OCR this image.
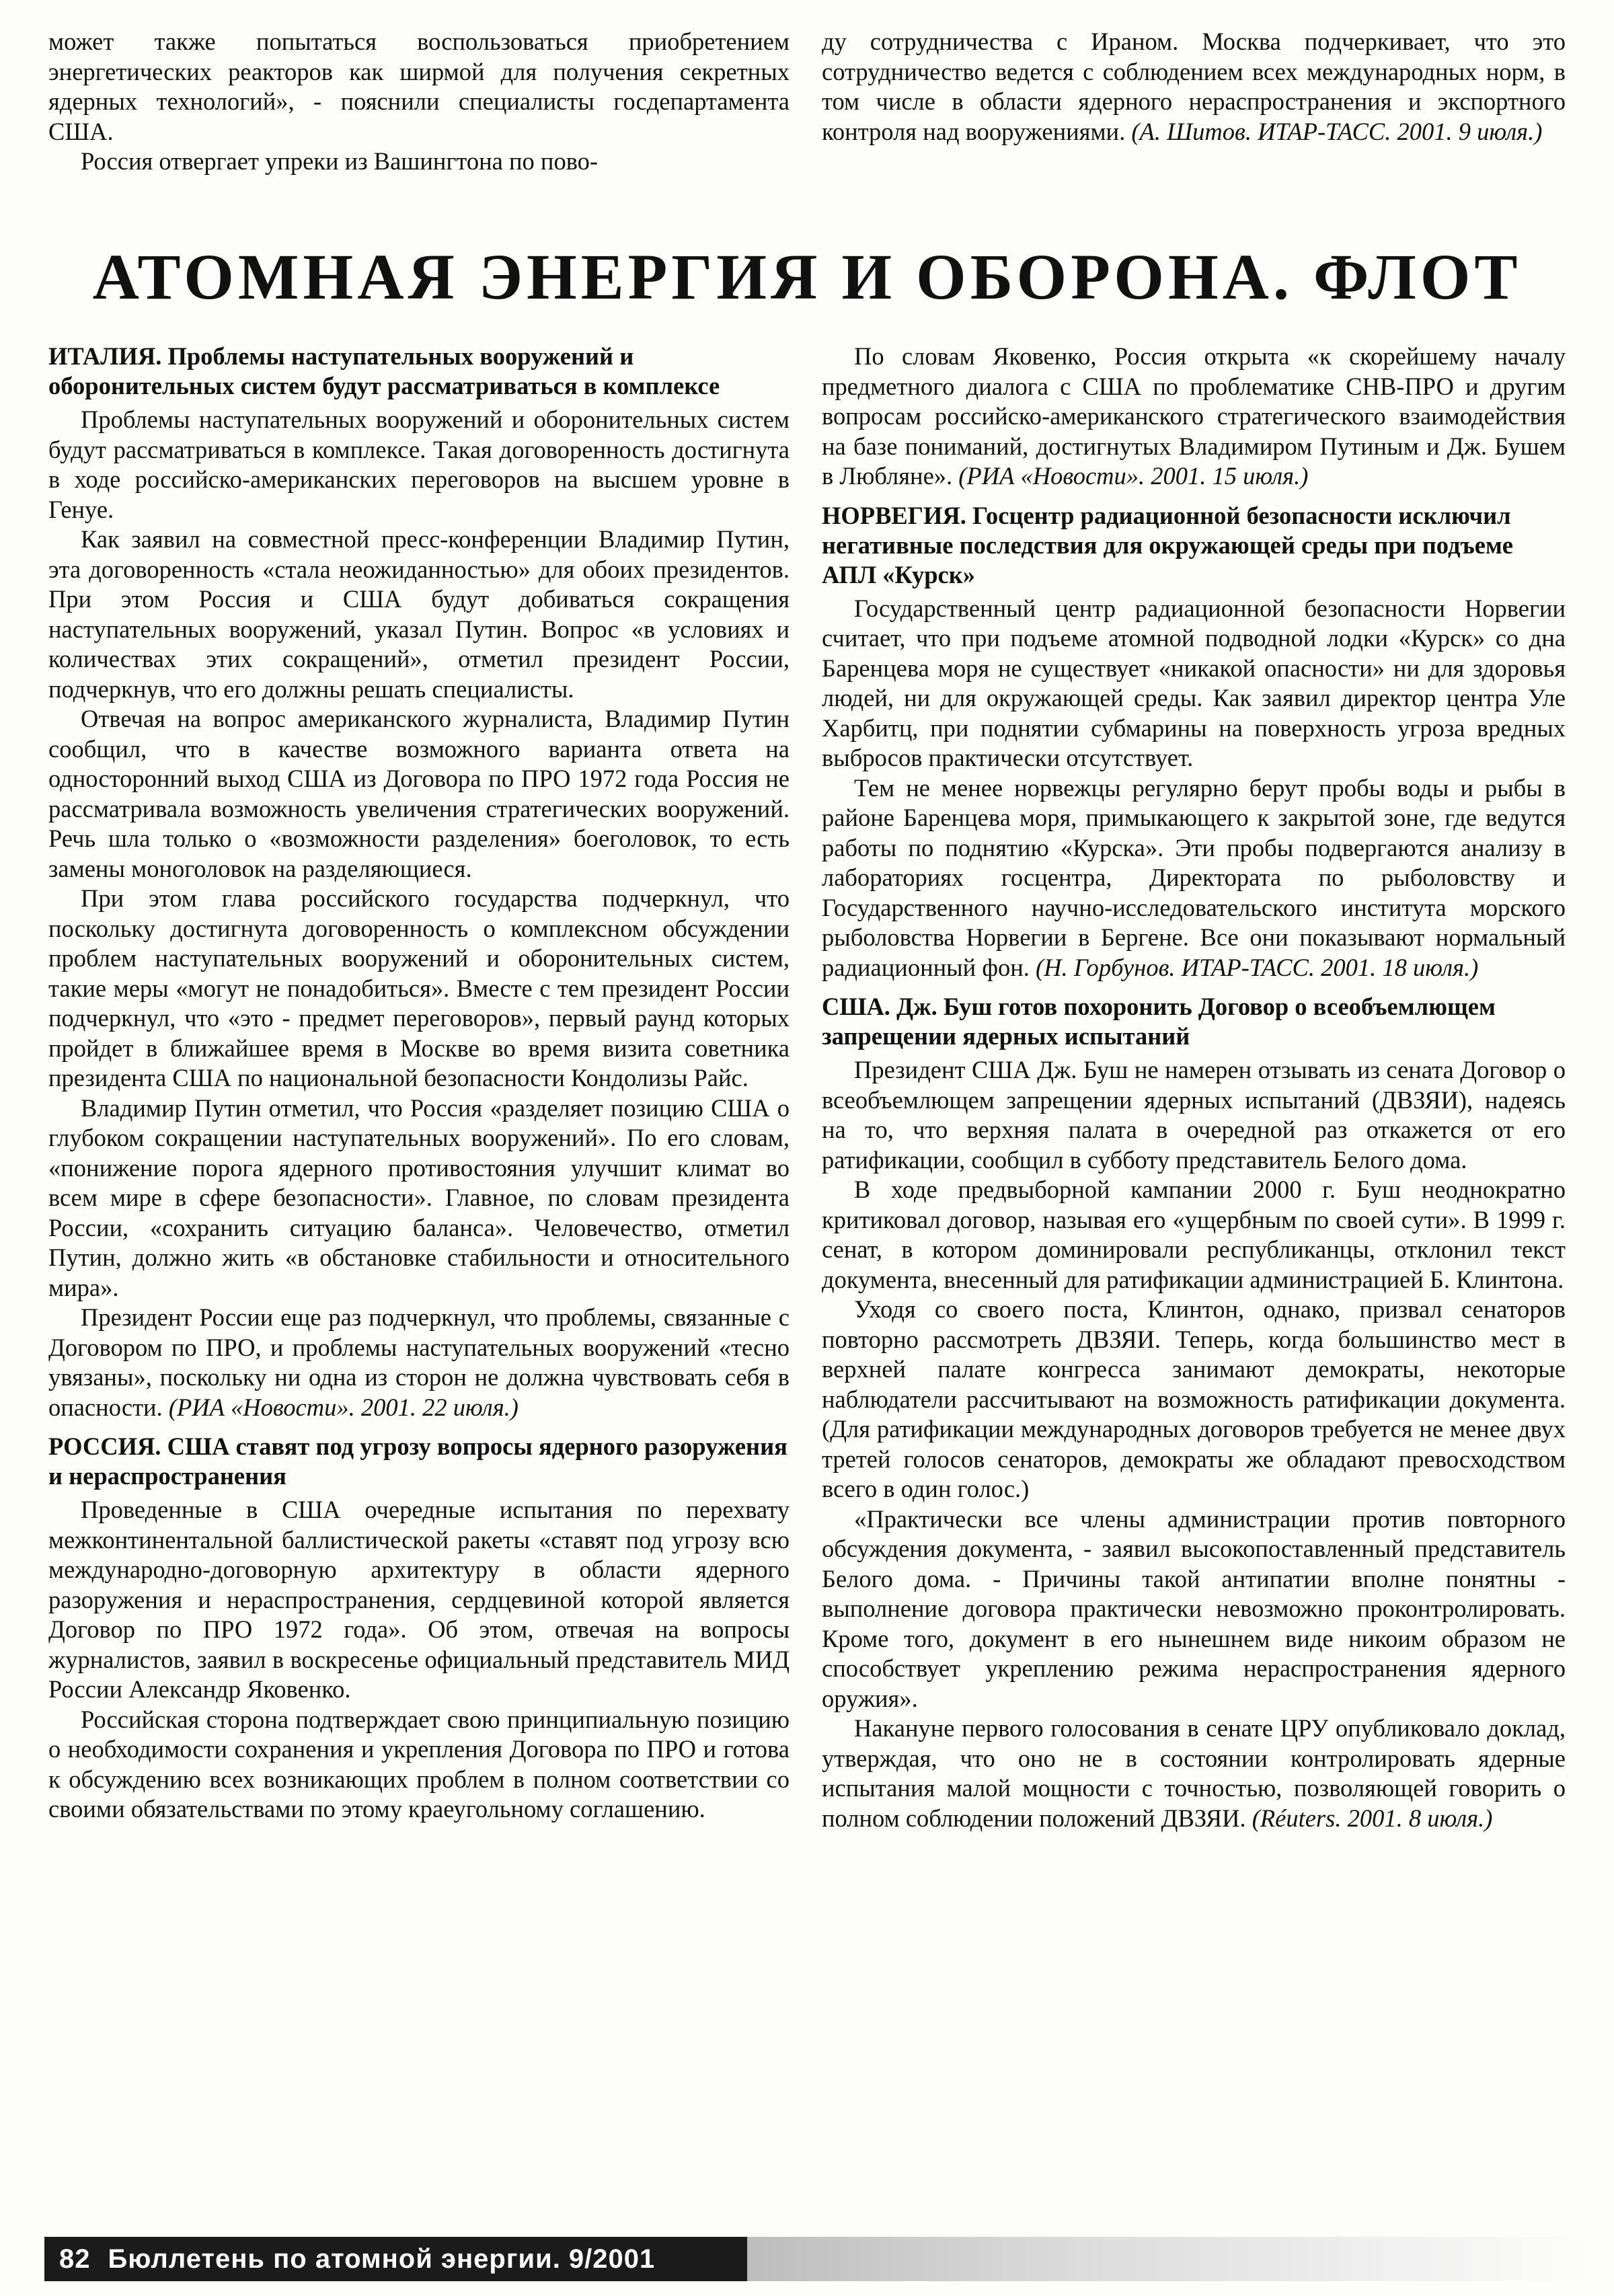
может также попытаться воспользоваться приобретением энергетических реакторов как ширмой для получения секретных ядерных технологий», - пояснили специалисты госдепартамента США.

Россия отвергает упреки из Вашингтона по пово-

ду сотрудничества с Ираном. Москва подчеркивает, что это сотрудничество ведется с соблюдением всех международных норм, в том числе в области ядерного нераспространения и экспортного контроля над вооружениями. (А. Шитов. ИТАР-ТАСС. 2001. 9 июля.)

АТОМНАЯ ЭНЕРГИЯ И ОБОРОНА. ФЛОТ
ИТАЛИЯ. Проблемы наступательных вооружений и оборонительных систем будут рассматриваться в комплексе

Проблемы наступательных вооружений и оборонительных систем будут рассматриваться в комплексе. Такая договоренность достигнута в ходе российско-американских переговоров на высшем уровне в Генуе.

Как заявил на совместной пресс-конференции Владимир Путин, эта договоренность «стала неожиданностью» для обоих президентов. При этом Россия и США будут добиваться сокращения наступательных вооружений, указал Путин. Вопрос «в условиях и количествах этих сокращений», отметил президент России, подчеркнув, что его должны решать специалисты.

Отвечая на вопрос американского журналиста, Владимир Путин сообщил, что в качестве возможного варианта ответа на односторонний выход США из Договора по ПРО 1972 года Россия не рассматривала возможность увеличения стратегических вооружений. Речь шла только о «возможности разделения» боеголовок, то есть замены моноголовок на разделяющиеся.

При этом глава российского государства подчеркнул, что поскольку достигнута договоренность о комплексном обсуждении проблем наступательных вооружений и оборонительных систем, такие меры «могут не понадобиться». Вместе с тем президент России подчеркнул, что «это - предмет переговоров», первый раунд которых пройдет в ближайшее время в Москве во время визита советника президента США по национальной безопасности Кондолизы Райс.

Владимир Путин отметил, что Россия «разделяет позицию США о глубоком сокращении наступательных вооружений». По его словам, «понижение порога ядерного противостояния улучшит климат во всем мире в сфере безопасности». Главное, по словам президента России, «сохранить ситуацию баланса». Человечество, отметил Путин, должно жить «в обстановке стабильности и относительного мира».

Президент России еще раз подчеркнул, что проблемы, связанные с Договором по ПРО, и проблемы наступательных вооружений «тесно увязаны», поскольку ни одна из сторон не должна чувствовать себя в опасности. (РИА «Новости». 2001. 22 июля.)

РОССИЯ. США ставят под угрозу вопросы ядерного разоружения и нераспространения

Проведенные в США очередные испытания по перехвату межконтинентальной баллистической ракеты «ставят под угрозу всю международно-договорную архитектуру в области ядерного разоружения и нераспространения, сердцевиной которой является Договор по ПРО 1972 года». Об этом, отвечая на вопросы журналистов, заявил в воскресенье официальный представитель МИД России Александр Яковенко.

Российская сторона подтверждает свою принципиальную позицию о необходимости сохранения и укрепления Договора по ПРО и готова к обсуждению всех возникающих проблем в полном соответствии со своими обязательствами по этому краеугольному соглашению.

По словам Яковенко, Россия открыта «к скорейшему началу предметного диалога с США по проблематике СНВ-ПРО и другим вопросам российско-американского стратегического взаимодействия на базе пониманий, достигнутых Владимиром Путиным и Дж. Бушем в Любляне». (РИА «Новости». 2001. 15 июля.)

НОРВЕГИЯ. Госцентр радиационной безопасности исключил негативные последствия для окружающей среды при подъеме АПЛ «Курск»

Государственный центр радиационной безопасности Норвегии считает, что при подъеме атомной подводной лодки «Курск» со дна Баренцева моря не существует «никакой опасности» ни для здоровья людей, ни для окружающей среды. Как заявил директор центра Уле Харбитц, при поднятии субмарины на поверхность угроза вредных выбросов практически отсутствует.

Тем не менее норвежцы регулярно берут пробы воды и рыбы в районе Баренцева моря, примыкающего к закрытой зоне, где ведутся работы по поднятию «Курска». Эти пробы подвергаются анализу в лабораториях госцентра, Директората по рыболовству и Государственного научно-исследовательского института морского рыболовства Норвегии в Бергене. Все они показывают нормальный радиационный фон. (Н. Горбунов. ИТАР-ТАСС. 2001. 18 июля.)

США. Дж. Буш готов похоронить Договор о всеобъемлющем запрещении ядерных испытаний

Президент США Дж. Буш не намерен отзывать из сената Договор о всеобъемлющем запрещении ядерных испытаний (ДВЗЯИ), надеясь на то, что верхняя палата в очередной раз откажется от его ратификации, сообщил в субботу представитель Белого дома.

В ходе предвыборной кампании 2000 г. Буш неоднократно критиковал договор, называя его «ущербным по своей сути». В 1999 г. сенат, в котором доминировали республиканцы, отклонил текст документа, внесенный для ратификации администрацией Б. Клинтона.

Уходя со своего поста, Клинтон, однако, призвал сенаторов повторно рассмотреть ДВЗЯИ. Теперь, когда большинство мест в верхней палате конгресса занимают демократы, некоторые наблюдатели рассчитывают на возможность ратификации документа. (Для ратификации международных договоров требуется не менее двух третей голосов сенаторов, демократы же обладают превосходством всего в один голос.)

«Практически все члены администрации против повторного обсуждения документа, - заявил высокопоставленный представитель Белого дома. - Причины такой антипатии вполне понятны - выполнение договора практически невозможно проконтролировать. Кроме того, документ в его нынешнем виде никоим образом не способствует укреплению режима нераспространения ядерного оружия».

Накануне первого голосования в сенате ЦРУ опубликовало доклад, утверждая, что оно не в состоянии контролировать ядерные испытания малой мощности с точностью, позволяющей говорить о полном соблюдении положений ДВЗЯИ. (Réuters. 2001. 8 июля.)

82 Бюллетень по атомной энергии. 9/2001
